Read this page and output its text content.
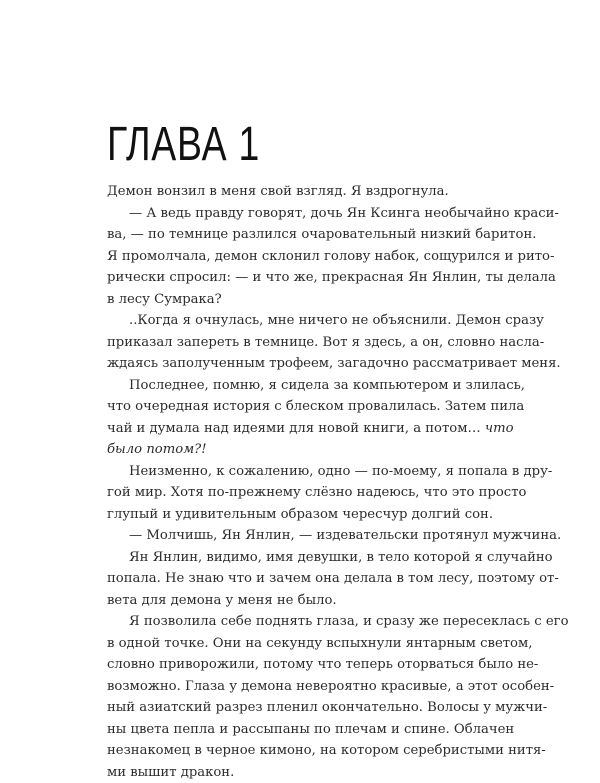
ГЛАВА 1
Демон вонзил в меня свой взгляд. Я вздрогнула.
— А ведь правду говорят, дочь Ян Ксинга необычайно краси-
ва, — по темнице разлился очаровательный низкий баритон.
Я промолчала, демон склонил голову набок, сощурился и рито-
рически спросил: — и что же, прекрасная Ян Янлин, ты делала
в лесу Сумрака?
..Когда я очнулась, мне ничего не объяснили. Демон сразу
приказал запереть в темнице. Вот я здесь, а он, словно насла-
ждаясь заполученным трофеем, загадочно рассматривает меня.
Последнее, помню, я сидела за компьютером и злилась,
что очередная история с блеском провалилась. Затем пила
чай и думала над идеями для новой книги, а потом… что
было потом?!
Неизменно, к сожалению, одно — по-моему, я попала в дру-
гой мир. Хотя по-прежнему слёзно надеюсь, что это просто
глупый и удивительным образом чересчур долгий сон.
— Молчишь, Ян Янлин, — издевательски протянул мужчина.
Ян Янлин, видимо, имя девушки, в тело которой я случайно
попала. Не знаю что и зачем она делала в том лесу, поэтому от-
вета для демона у меня не было.
Я позволила себе поднять глаза, и сразу же пересеклась с его
в одной точке. Они на секунду вспыхнули янтарным светом,
словно приворожили, потому что теперь оторваться было не-
возможно. Глаза у демона невероятно красивые, а этот особен-
ный азиатский разрез пленил окончательно. Волосы у мужчи-
ны цвета пепла и рассыпаны по плечам и спине. Облачен
незнакомец в черное кимоно, на котором серебристыми нитя-
ми вышит дракон.
